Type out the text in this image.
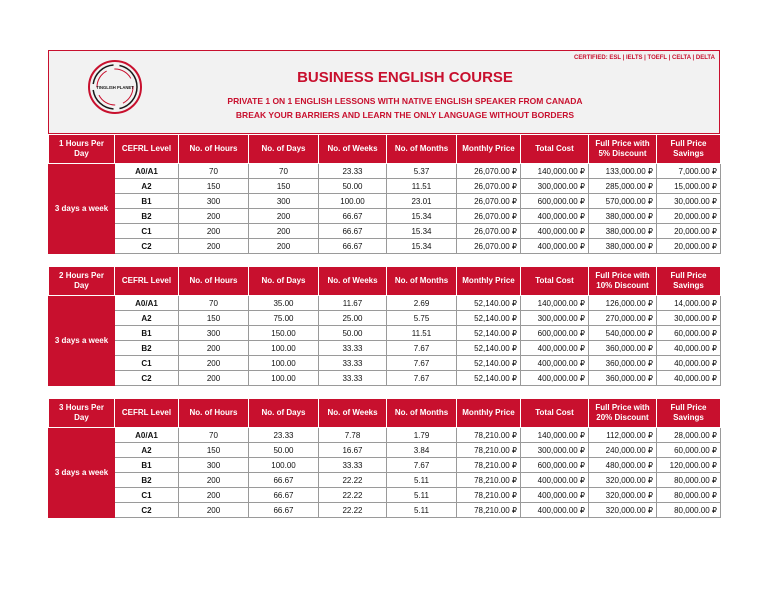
CERTIFIED: ESL | IELTS | TOEFL | CELTA | DELTA
TINGLISH PLANET
BUSINESS ENGLISH COURSE
PRIVATE 1 ON 1 ENGLISH LESSONS WITH NATIVE ENGLISH SPEAKER FROM CANADA
BREAK YOUR BARRIERS AND LEARN THE ONLY LANGUAGE WITHOUT BORDERS
1 Hours Per Day	CEFRL Level	No. of Hours	No. of Days	No. of Weeks	No. of Months	Monthly Price	Total Cost	Full Price with 5% Discount	Full Price Savings
3 days a week	A0/A1	70	70	23.33	5.37	26,070.00 ₽	140,000.00 ₽	133,000.00 ₽	7,000.00 ₽
	A2	150	150	50.00	11.51	26,070.00 ₽	300,000.00 ₽	285,000.00 ₽	15,000.00 ₽
	B1	300	300	100.00	23.01	26,070.00 ₽	600,000.00 ₽	570,000.00 ₽	30,000.00 ₽
	B2	200	200	66.67	15.34	26,070.00 ₽	400,000.00 ₽	380,000.00 ₽	20,000.00 ₽
	C1	200	200	66.67	15.34	26,070.00 ₽	400,000.00 ₽	380,000.00 ₽	20,000.00 ₽
	C2	200	200	66.67	15.34	26,070.00 ₽	400,000.00 ₽	380,000.00 ₽	20,000.00 ₽
2 Hours Per Day	CEFRL Level	No. of Hours	No. of Days	No. of Weeks	No. of Months	Monthly Price	Total Cost	Full Price with 10% Discount	Full Price Savings
3 days a week	A0/A1	70	35.00	11.67	2.69	52,140.00 ₽	140,000.00 ₽	126,000.00 ₽	14,000.00 ₽
	A2	150	75.00	25.00	5.75	52,140.00 ₽	300,000.00 ₽	270,000.00 ₽	30,000.00 ₽
	B1	300	150.00	50.00	11.51	52,140.00 ₽	600,000.00 ₽	540,000.00 ₽	60,000.00 ₽
	B2	200	100.00	33.33	7.67	52,140.00 ₽	400,000.00 ₽	360,000.00 ₽	40,000.00 ₽
	C1	200	100.00	33.33	7.67	52,140.00 ₽	400,000.00 ₽	360,000.00 ₽	40,000.00 ₽
	C2	200	100.00	33.33	7.67	52,140.00 ₽	400,000.00 ₽	360,000.00 ₽	40,000.00 ₽
3 Hours Per Day	CEFRL Level	No. of Hours	No. of Days	No. of Weeks	No. of Months	Monthly Price	Total Cost	Full Price with 20% Discount	Full Price Savings
3 days a week	A0/A1	70	23.33	7.78	1.79	78,210.00 ₽	140,000.00 ₽	112,000.00 ₽	28,000.00 ₽
	A2	150	50.00	16.67	3.84	78,210.00 ₽	300,000.00 ₽	240,000.00 ₽	60,000.00 ₽
	B1	300	100.00	33.33	7.67	78,210.00 ₽	600,000.00 ₽	480,000.00 ₽	120,000.00 ₽
	B2	200	66.67	22.22	5.11	78,210.00 ₽	400,000.00 ₽	320,000.00 ₽	80,000.00 ₽
	C1	200	66.67	22.22	5.11	78,210.00 ₽	400,000.00 ₽	320,000.00 ₽	80,000.00 ₽
	C2	200	66.67	22.22	5.11	78,210.00 ₽	400,000.00 ₽	320,000.00 ₽	80,000.00 ₽
